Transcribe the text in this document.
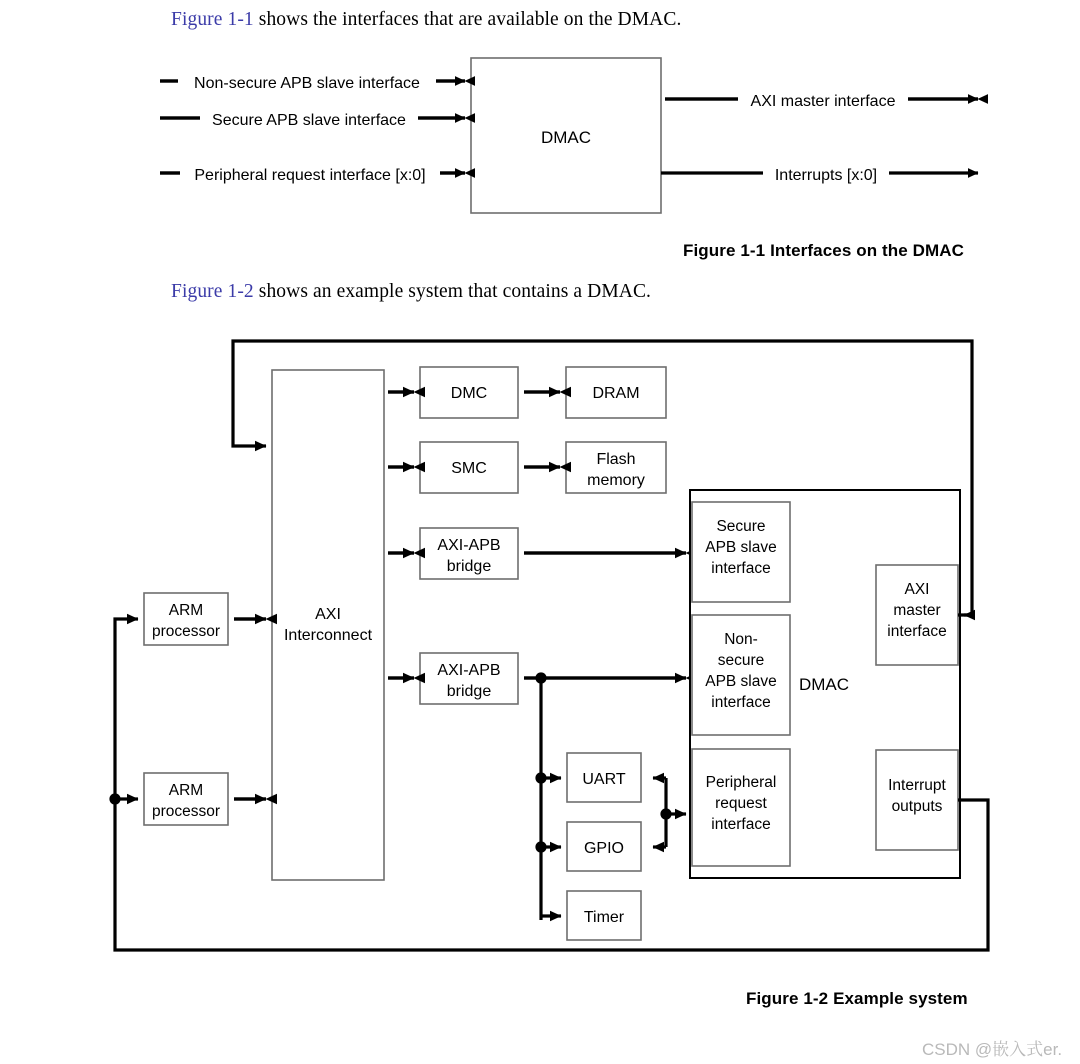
Figure 1-1 shows the interfaces that are available on the DMAC.
DMAC
Non-secure APB slave interface
Secure APB slave interface
Peripheral request interface [x:0]
AXI master interface
Interrupts [x:0]
Figure 1-1 Interfaces on the DMAC
Figure 1-2 shows an example system that contains a DMAC.
AXI
Interconnect
DMC	DRAM
SMC
Flash
memory
AXI-APB
bridge
AXI-APB
bridge
UART
GPIO
Timer
DMAC
Secure
APB slave
interface
Non-
secure
APB slave
interface
Peripheral
request
interface
AXI
master
interface
Interrupt
outputs
ARM
processor
ARM
processor
Figure 1-2 Example system
CSDN @嵌入式er.
